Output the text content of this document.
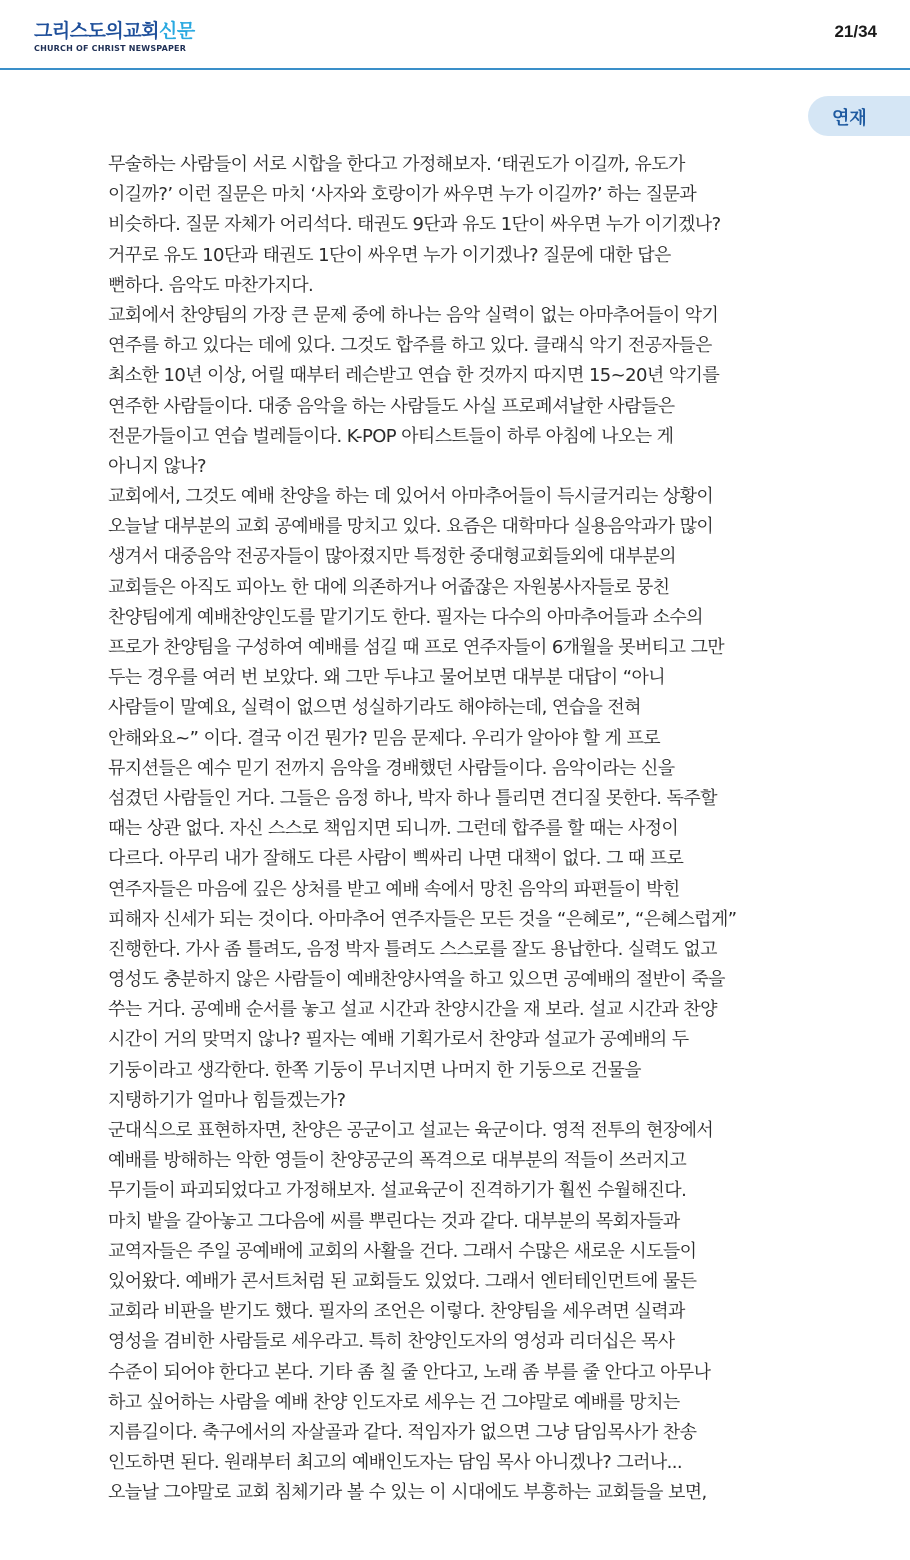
그리스도의교회신문
CHURCH OF CHRIST NEWSPAPER
21/34
연재
무술하는 사람들이 서로 시합을 한다고 가정해보자. ‘태권도가 이길까, 유도가
이길까?’ 이런 질문은 마치 ‘사자와 호랑이가 싸우면 누가 이길까?’ 하는 질문과
비슷하다. 질문 자체가 어리석다. 태권도 9단과 유도 1단이 싸우면 누가 이기겠나?
거꾸로 유도 10단과 태권도 1단이 싸우면 누가 이기겠나? 질문에 대한 답은
뻔하다. 음악도 마찬가지다.
교회에서 찬양팀의 가장 큰 문제 중에 하나는 음악 실력이 없는 아마추어들이 악기
연주를 하고 있다는 데에 있다. 그것도 합주를 하고 있다. 클래식 악기 전공자들은
최소한 10년 이상, 어릴 때부터 레슨받고 연습 한 것까지 따지면 15~20년 악기를
연주한 사람들이다. 대중 음악을 하는 사람들도 사실 프로페셔날한 사람들은
전문가들이고 연습 벌레들이다. K-POP 아티스트들이 하루 아침에 나오는 게
아니지 않나?
교회에서, 그것도 예배 찬양을 하는 데 있어서 아마추어들이 득시글거리는 상황이
오늘날 대부분의 교회 공예배를 망치고 있다. 요즘은 대학마다 실용음악과가 많이
생겨서 대중음악 전공자들이 많아졌지만 특정한 중대형교회들외에 대부분의
교회들은 아직도 피아노 한 대에 의존하거나 어줍잖은 자원봉사자들로 뭉친
찬양팀에게 예배찬양인도를 맡기기도 한다. 필자는 다수의 아마추어들과 소수의
프로가 찬양팀을 구성하여 예배를 섬길 때 프로 연주자들이 6개월을 못버티고 그만
두는 경우를 여러 번 보았다. 왜 그만 두냐고 물어보면 대부분 대답이 “아니
사람들이 말예요, 실력이 없으면 성실하기라도 해야하는데, 연습을 전혀
안해와요~” 이다. 결국 이건 뭔가? 믿음 문제다. 우리가 알아야 할 게 프로
뮤지션들은 예수 믿기 전까지 음악을 경배했던 사람들이다. 음악이라는 신을
섬겼던 사람들인 거다. 그들은 음정 하나, 박자 하나 틀리면 견디질 못한다. 독주할
때는 상관 없다. 자신 스스로 책임지면 되니까. 그런데 합주를 할 때는 사정이
다르다. 아무리 내가 잘해도 다른 사람이 삑싸리 나면 대책이 없다. 그 때 프로
연주자들은 마음에 깊은 상처를 받고 예배 속에서 망친 음악의 파편들이 박힌
피해자 신세가 되는 것이다. 아마추어 연주자들은 모든 것을 “은혜로”, “은혜스럽게”
진행한다. 가사 좀 틀려도, 음정 박자 틀려도 스스로를 잘도 용납한다. 실력도 없고
영성도 충분하지 않은 사람들이 예배찬양사역을 하고 있으면 공예배의 절반이 죽을
쑤는 거다. 공예배 순서를 놓고 설교 시간과 찬양시간을 재 보라. 설교 시간과 찬양
시간이 거의 맞먹지 않나? 필자는 예배 기획가로서 찬양과 설교가 공예배의 두
기둥이라고 생각한다. 한쪽 기둥이 무너지면 나머지 한 기둥으로 건물을
지탱하기가 얼마나 힘들겠는가?
군대식으로 표현하자면, 찬양은 공군이고 설교는 육군이다. 영적 전투의 현장에서
예배를 방해하는 악한 영들이 찬양공군의 폭격으로 대부분의 적들이 쓰러지고
무기들이 파괴되었다고 가정해보자. 설교육군이 진격하기가 훨씬 수월해진다.
마치 밭을 갈아놓고 그다음에 씨를 뿌린다는 것과 같다. 대부분의 목회자들과
교역자들은 주일 공예배에 교회의 사활을 건다. 그래서 수많은 새로운 시도들이
있어왔다. 예배가 콘서트처럼 된 교회들도 있었다. 그래서 엔터테인먼트에 물든
교회라 비판을 받기도 했다. 필자의 조언은 이렇다. 찬양팀을 세우려면 실력과
영성을 겸비한 사람들로 세우라고. 특히 찬양인도자의 영성과 리더십은 목사
수준이 되어야 한다고 본다. 기타 좀 칠 줄 안다고, 노래 좀 부를 줄 안다고 아무나
하고 싶어하는 사람을 예배 찬양 인도자로 세우는 건 그야말로 예배를 망치는
지름길이다. 축구에서의 자살골과 같다. 적임자가 없으면 그냥 담임목사가 찬송
인도하면 된다. 원래부터 최고의 예배인도자는 담임 목사 아니겠나? 그러나...
오늘날 그야말로 교회 침체기라 볼 수 있는 이 시대에도 부흥하는 교회들을 보면,
